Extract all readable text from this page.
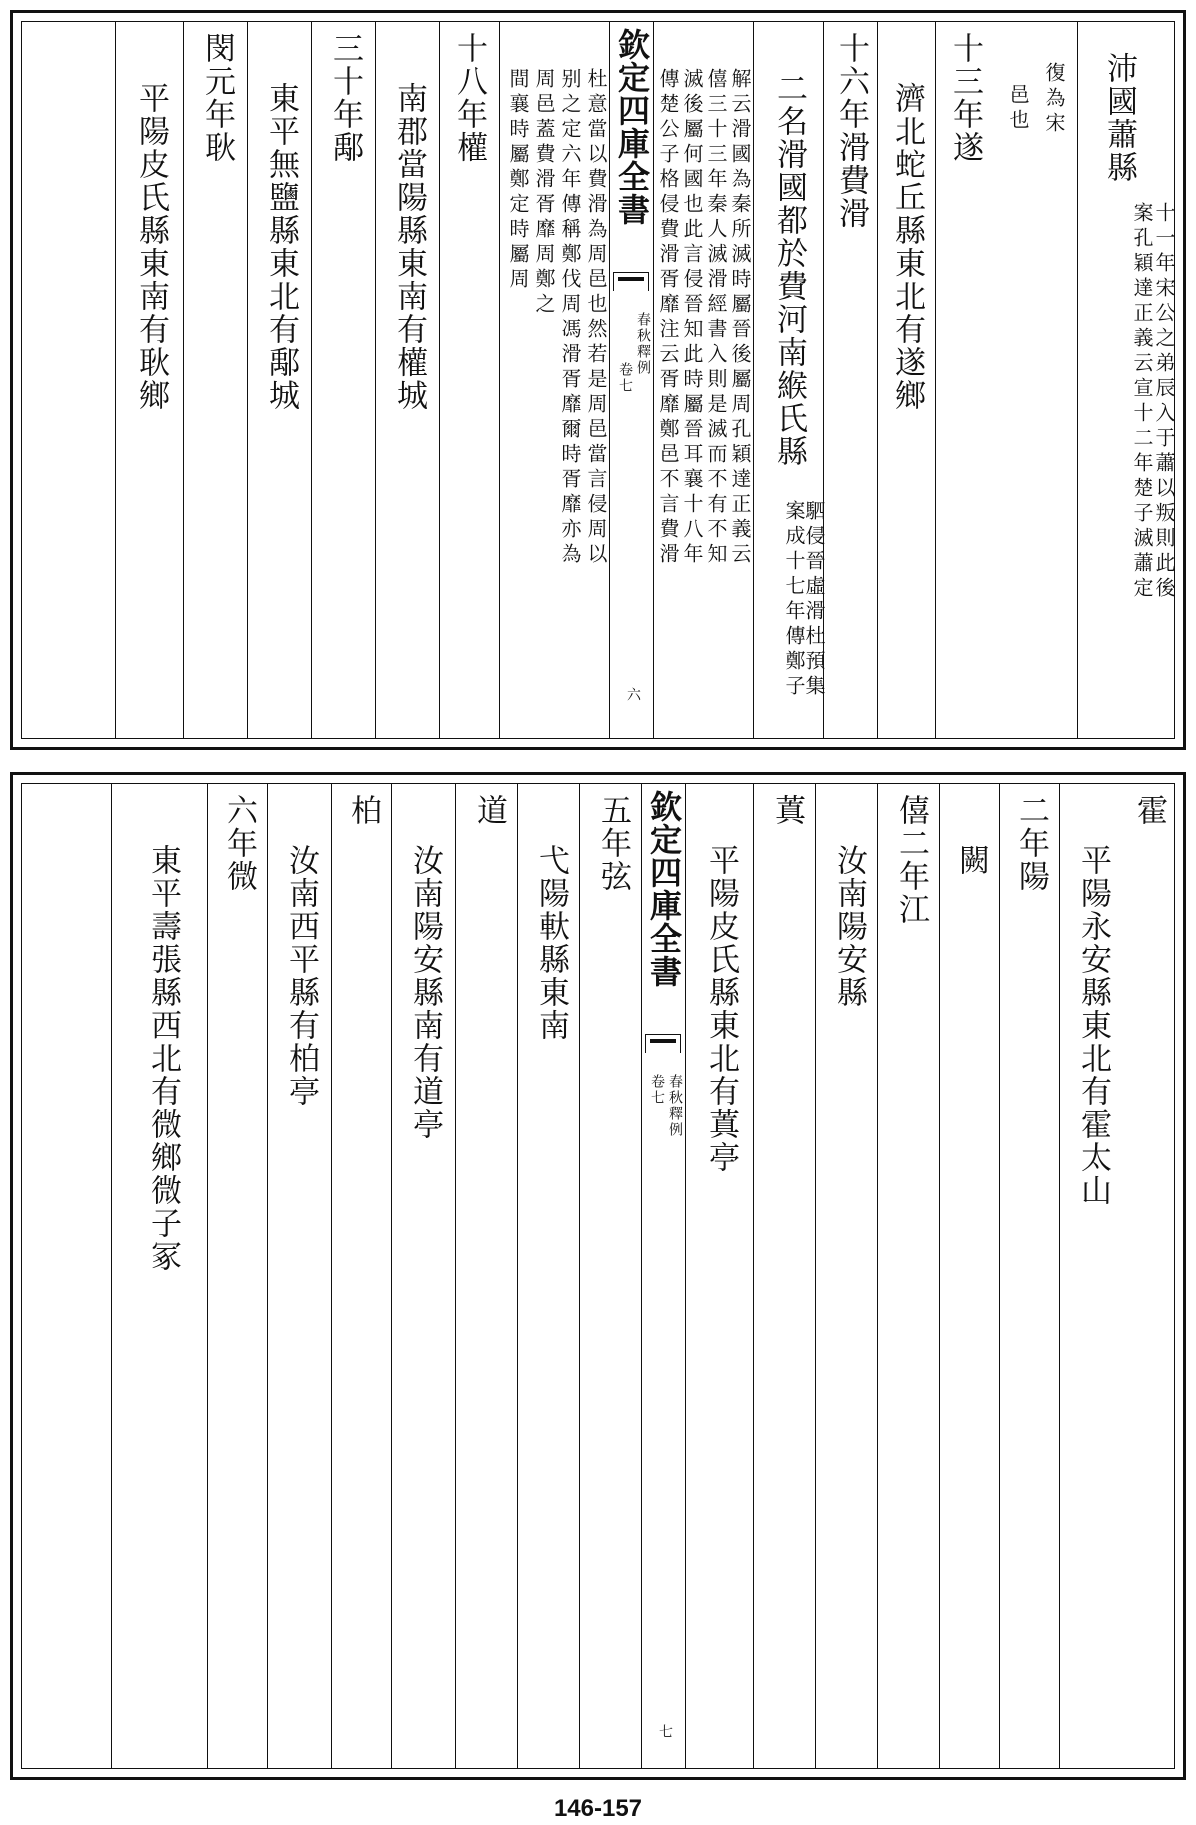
沛國蕭縣
案孔穎達正義云宣十二年楚子滅蕭定
十一年宋公之弟辰入于蕭以叛則此後
復為宋
邑也
十三年遂
濟北蛇丘縣東北有遂鄉
十六年滑費滑
二名滑國都於費河南緱氏縣
案成十七年傳鄭子
駟侵晉虛滑杜預集
解云滑國為秦所滅時屬晉後屬周孔穎達正義云
僖三十三年秦人滅滑經書入則是滅而不有不知
滅後屬何國也此言侵晉知此時屬晉耳襄十八年
傳楚公子格侵費滑胥靡注云胥靡鄭邑不言費滑
欽定四庫全書
春秋釋例
卷七
六
杜意當以費滑為周邑也然若是周邑當言侵周以
别之定六年傳稱鄭伐周馮滑胥靡爾時胥靡亦為
周邑蓋費滑胥靡周鄭之
間襄時屬鄭定時屬周
十八年權
南郡當陽縣東南有權城
三十年鄅
東平無鹽縣東北有鄅城
閔元年耿
平陽皮氏縣東南有耿鄉
霍
平陽永安縣東北有霍太山
二年陽
闕
僖二年江
汝南陽安縣
蒖
平陽皮氏縣東北有蒖亭
欽定四庫全書
春秋釋例
卷七
七
五年弦
弋陽軑縣東南
道
汝南陽安縣南有道亭
柏
汝南西平縣有柏亭
六年微
東平壽張縣西北有微鄉微子冢
146-157
